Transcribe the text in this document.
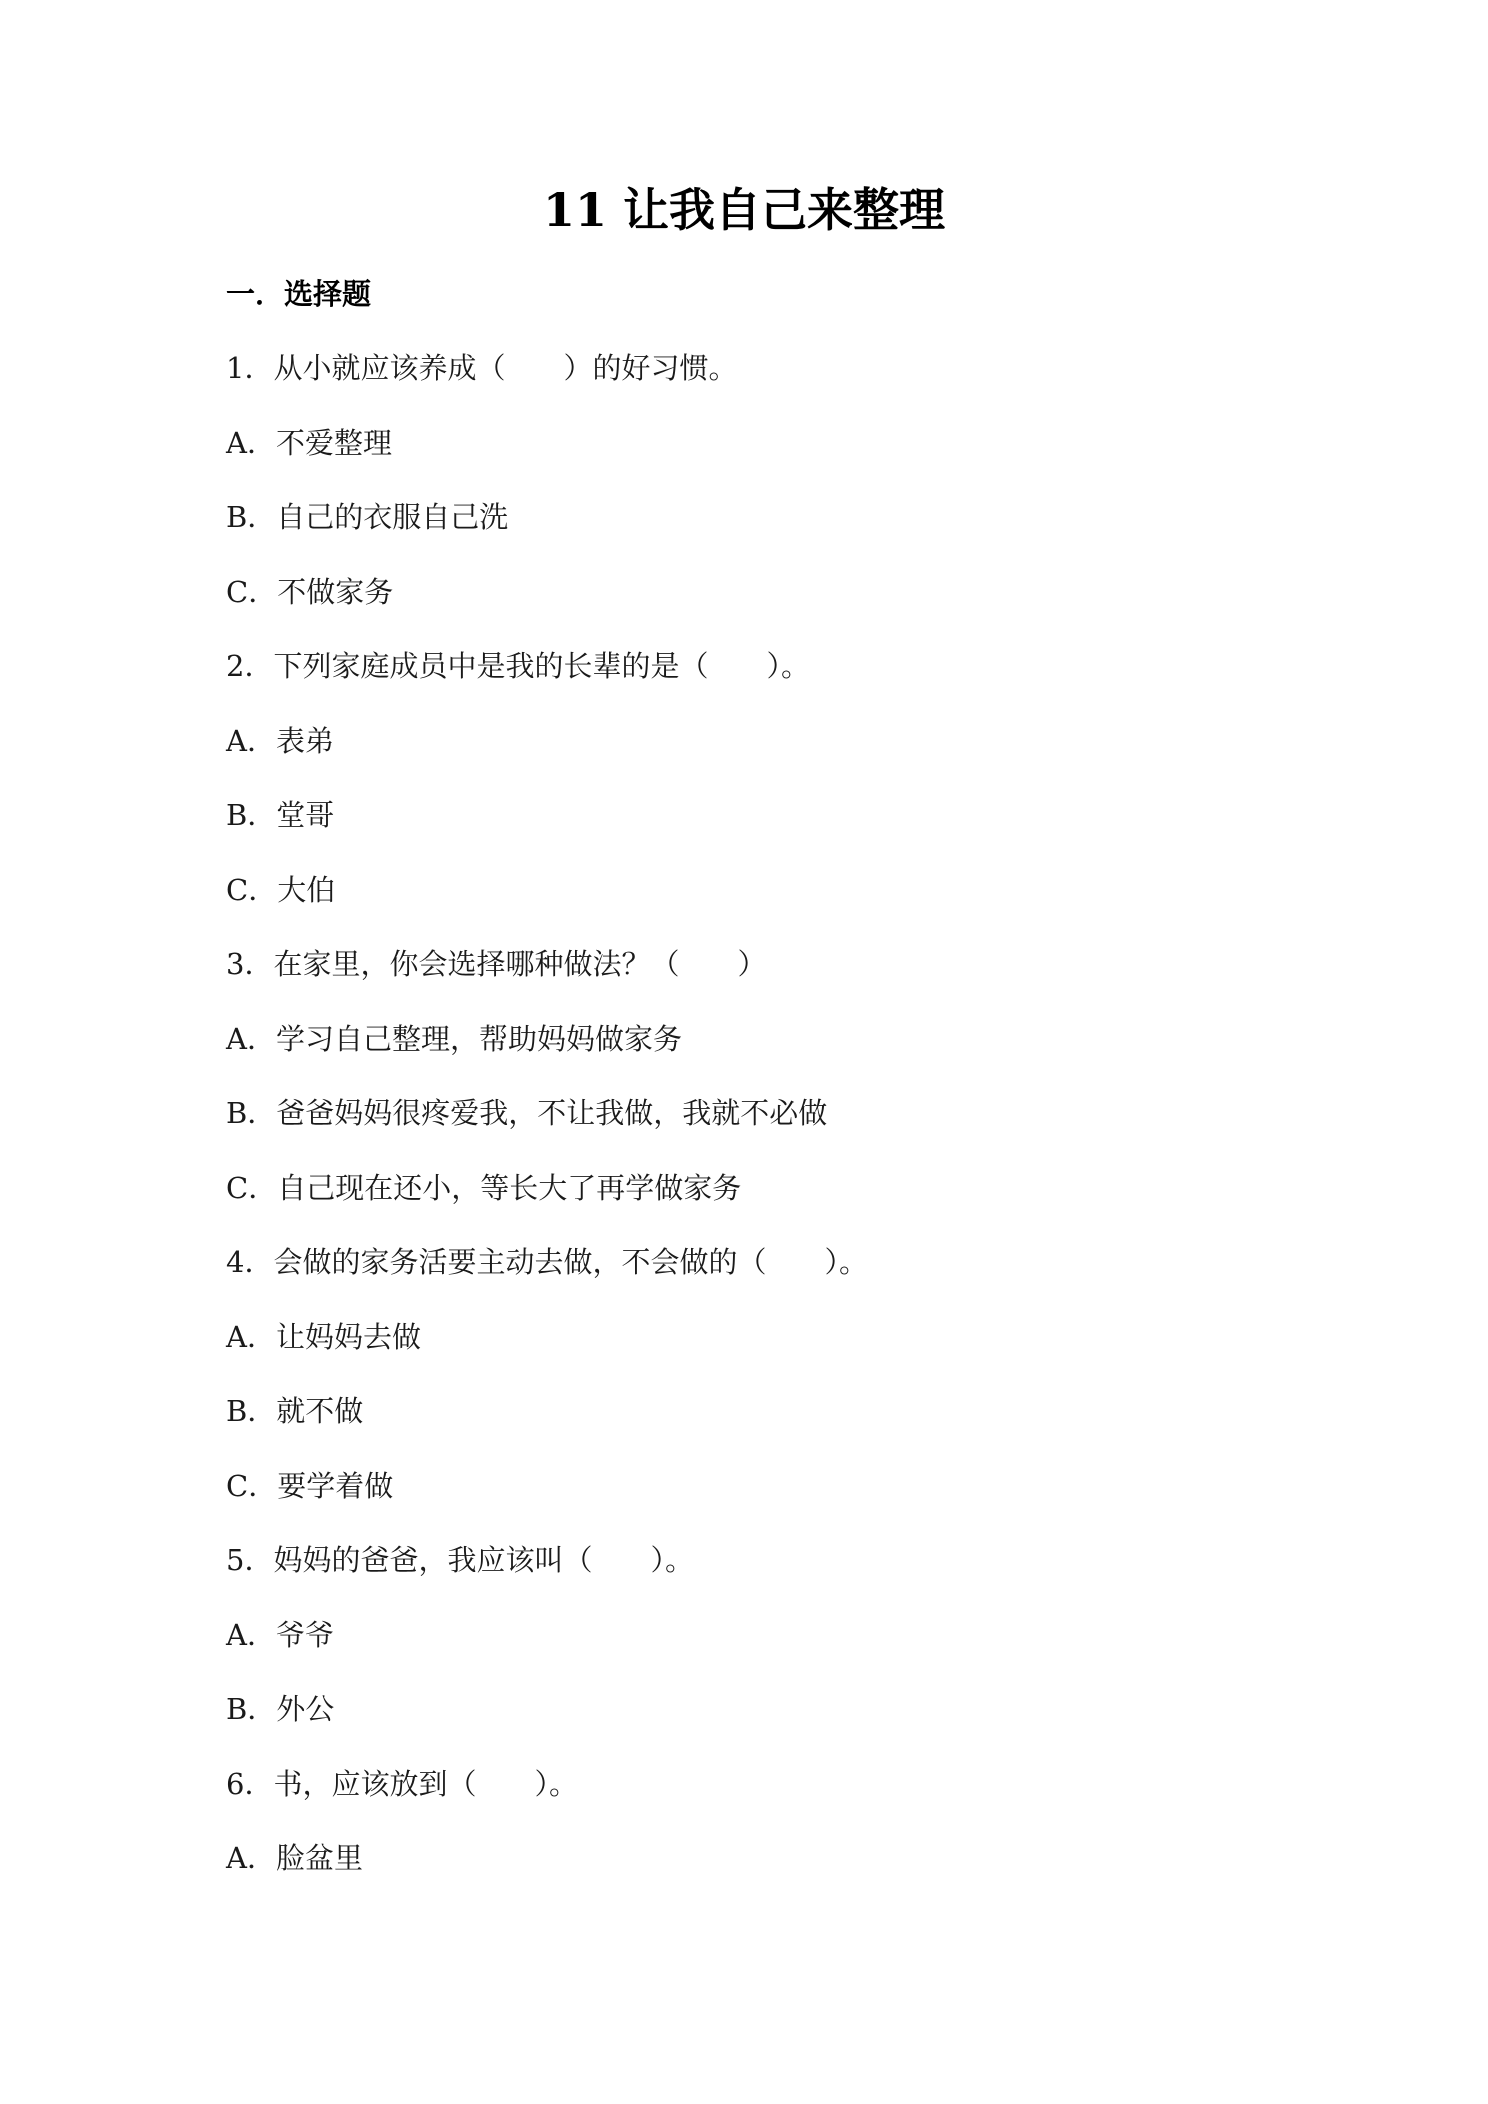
11 让我自己来整理
一．选择题
1．从小就应该养成（　　）的好习惯。
A．不爱整理
B．自己的衣服自己洗
C．不做家务
2．下列家庭成员中是我的长辈的是（　　）。
A．表弟
B．堂哥
C．大伯
3．在家里，你会选择哪种做法？（　　）
A．学习自己整理，帮助妈妈做家务
B．爸爸妈妈很疼爱我，不让我做，我就不必做
C．自己现在还小，等长大了再学做家务
4．会做的家务活要主动去做，不会做的（　　）。
A．让妈妈去做
B．就不做
C．要学着做
5．妈妈的爸爸，我应该叫（　　）。
A．爷爷
B．外公
6．书，应该放到（　　）。
A．脸盆里
